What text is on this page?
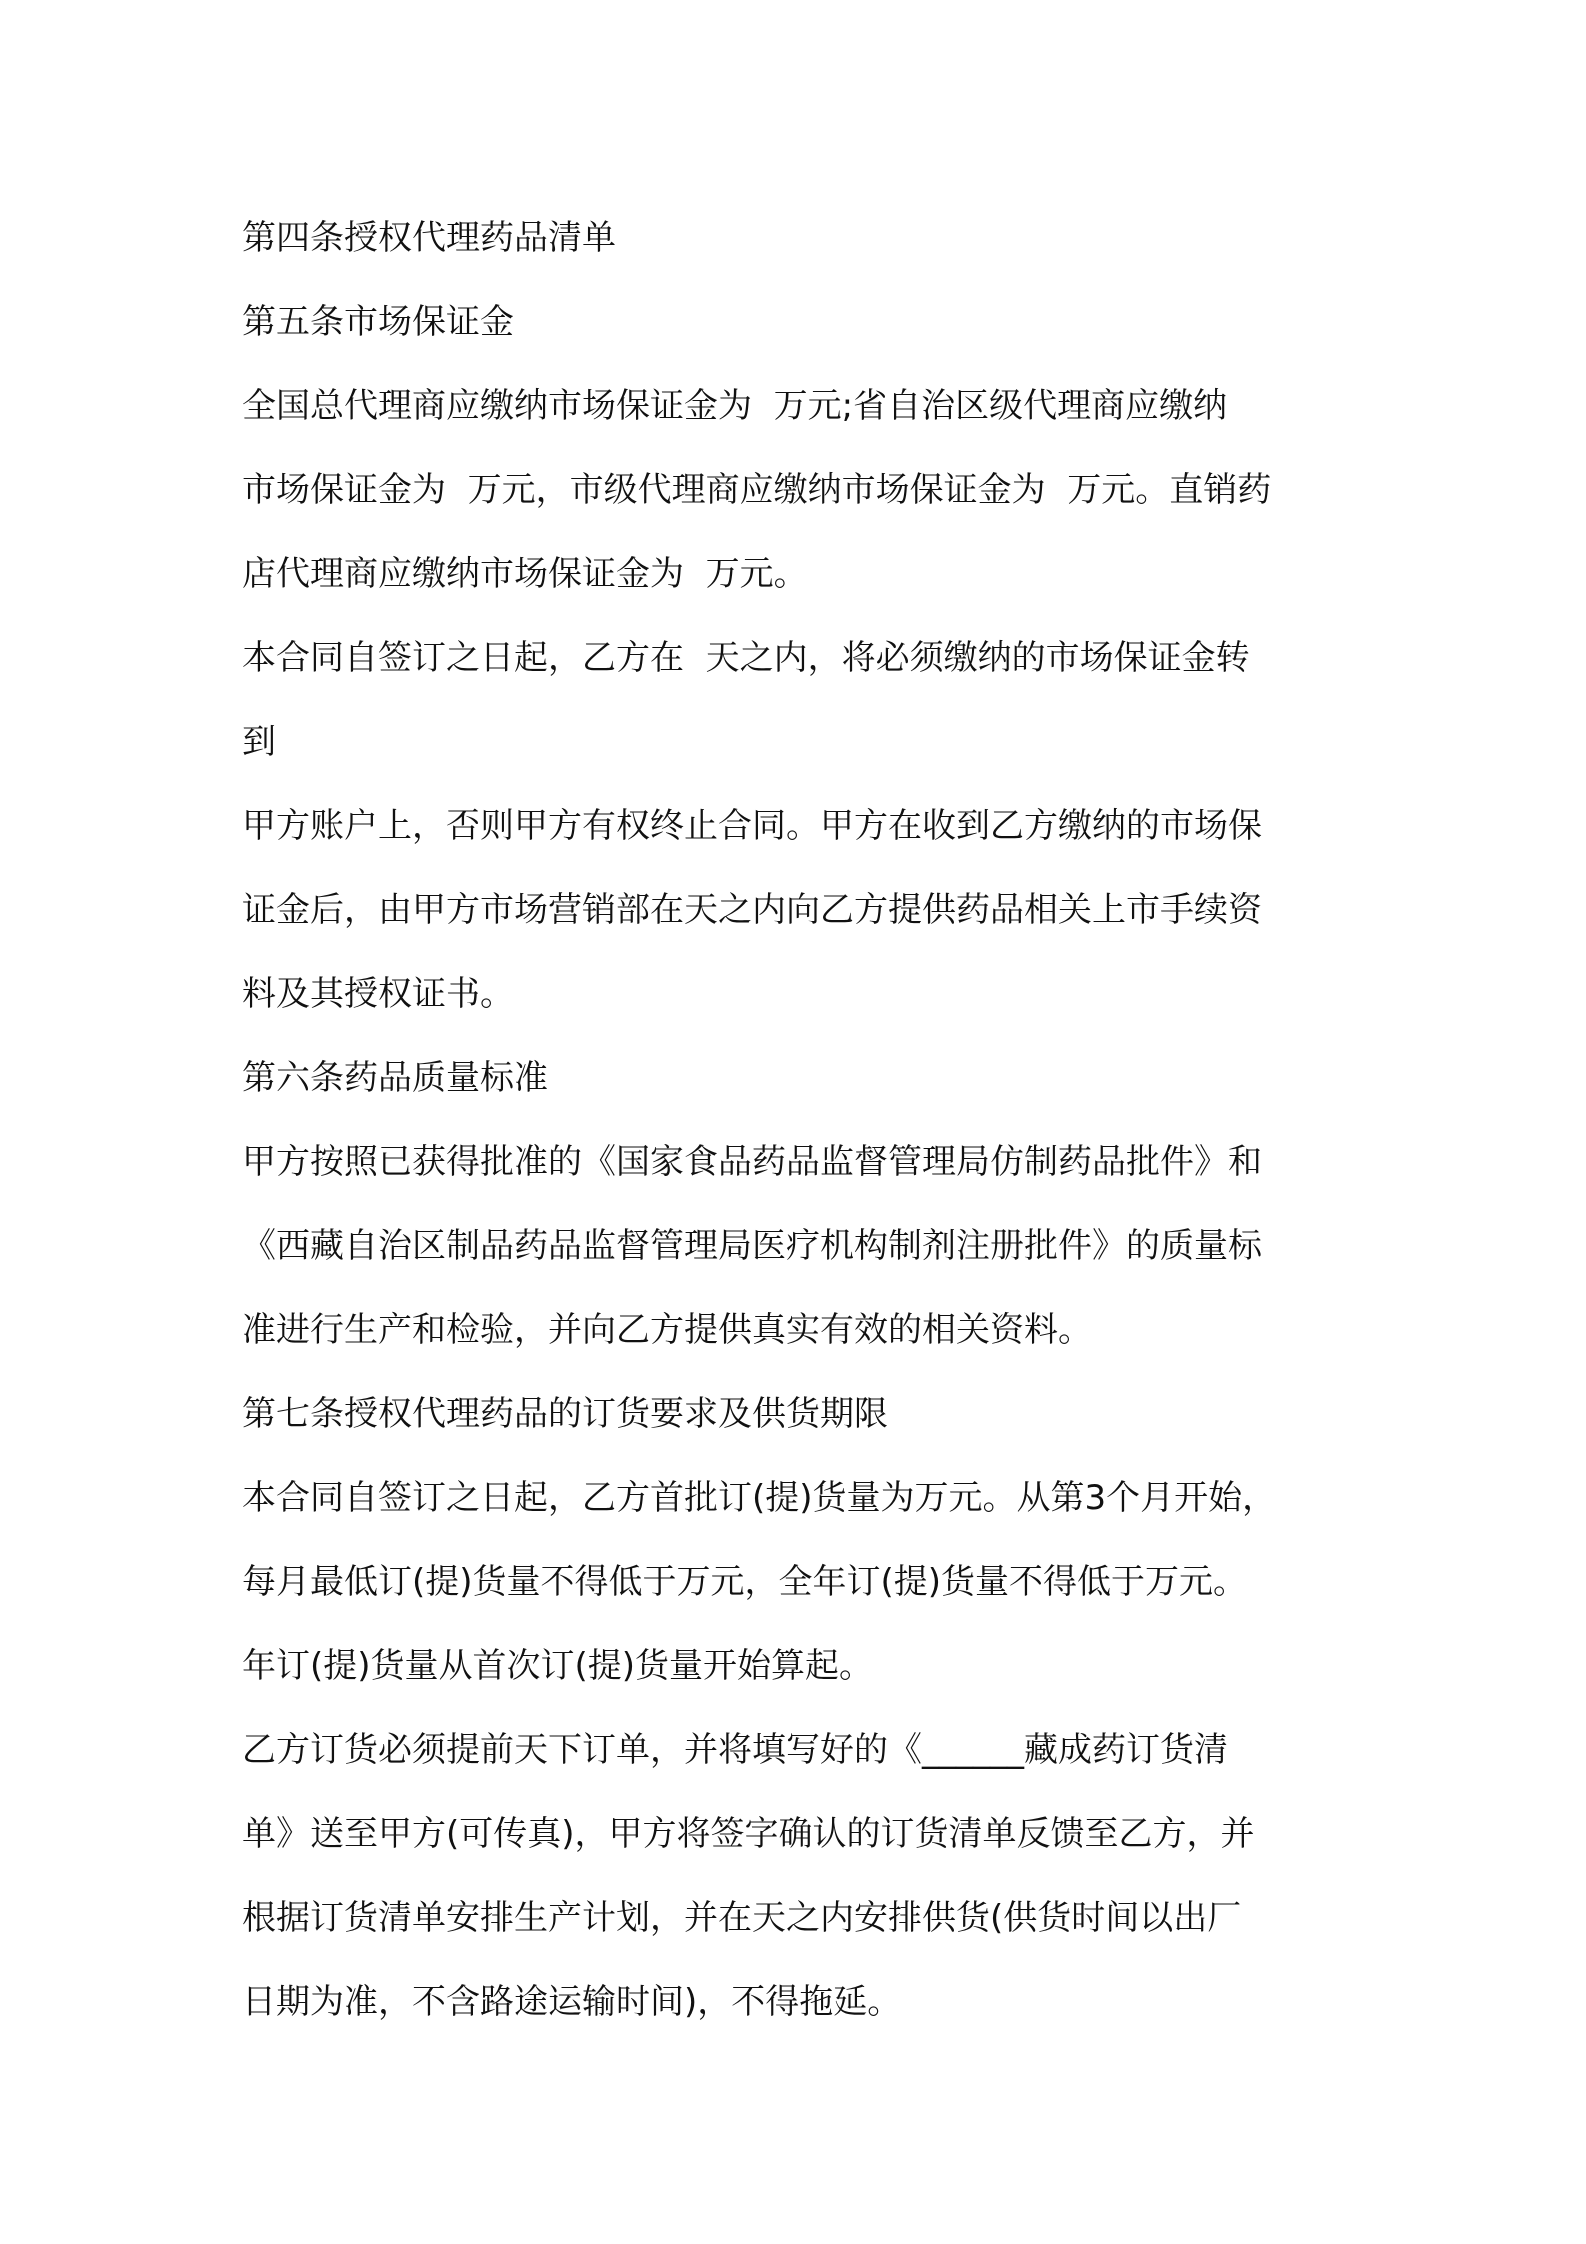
第四条授权代理药品清单
第五条市场保证金
全国总代理商应缴纳市场保证金为  万元;省自治区级代理商应缴纳
市场保证金为  万元，市级代理商应缴纳市场保证金为  万元。直销药
店代理商应缴纳市场保证金为  万元。
本合同自签订之日起，乙方在  天之内，将必须缴纳的市场保证金转
到
甲方账户上，否则甲方有权终止合同。甲方在收到乙方缴纳的市场保
证金后，由甲方市场营销部在天之内向乙方提供药品相关上市手续资
料及其授权证书。
第六条药品质量标准
甲方按照已获得批准的《国家食品药品监督管理局仿制药品批件》和
《西藏自治区制品药品监督管理局医疗机构制剂注册批件》的质量标
准进行生产和检验，并向乙方提供真实有效的相关资料。
第七条授权代理药品的订货要求及供货期限
本合同自签订之日起，乙方首批订(提)货量为万元。从第3个月开始，
每月最低订(提)货量不得低于万元，全年订(提)货量不得低于万元。
年订(提)货量从首次订(提)货量开始算起。
乙方订货必须提前天下订单，并将填写好的《______藏成药订货清
单》送至甲方(可传真)，甲方将签字确认的订货清单反馈至乙方，并
根据订货清单安排生产计划，并在天之内安排供货(供货时间以出厂
日期为准，不含路途运输时间)，不得拖延。
